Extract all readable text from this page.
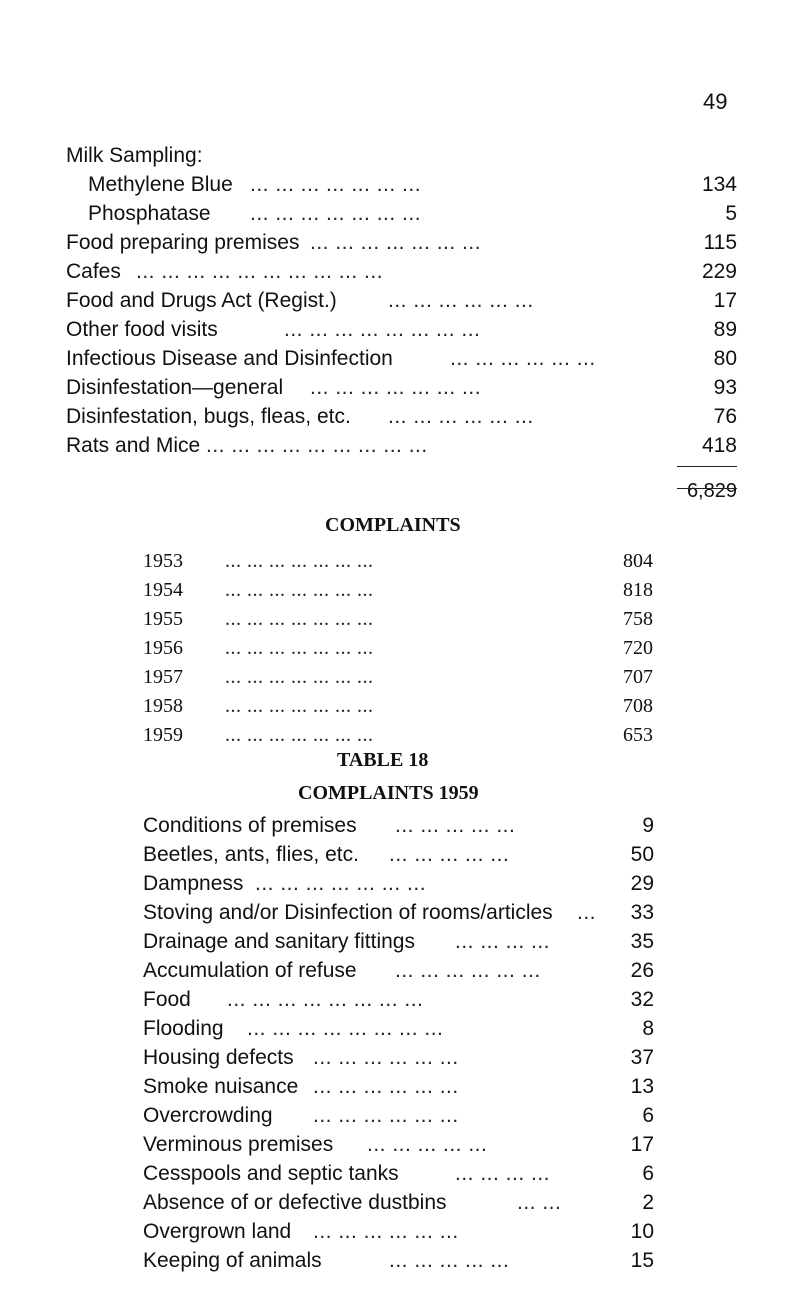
49
Milk Sampling:
Methylene Blue ... ... ... ... ... ... ...	134
Phosphatase ... ... ... ... ... ... ...	5
Food preparing premises ... ... ... ... ... ... ...	115
Cafes ... ... ... ... ... ... ... ... ... ...	229
Food and Drugs Act (Regist.) ... ... ... ... ... ...	17
Other food visits	... ... ... ... ... ... ... ...	89
Infectious Disease and Disinfection	... ... ... ... ... ...	80
Disinfestation—general ... ... ... ... ... ... ...	93
Disinfestation, bugs, fleas, etc. ... ... ... ... ... ...	76
Rats and Mice ... ... ... ... ... ... ... ... ...	418
6,829
COMPLAINTS
1953 ... ... ... ... ... ... ...	804
1954 ... ... ... ... ... ... ...	818
1955 ... ... ... ... ... ... ...	758
1956 ... ... ... ... ... ... ...	720
1957 ... ... ... ... ... ... ...	707
1958 ... ... ... ... ... ... ...	708
1959 ... ... ... ... ... ... ...	653
TABLE 18
COMPLAINTS 1959
Conditions of premises ... ... ... ... ...	9
Beetles, ants, flies, etc. ... ... ... ... ...	50
Dampness ... ... ... ... ... ... ...	29
Stoving and/or Disinfection of rooms/articles ...	33
Drainage and sanitary fittings ... ... ... ...	35
Accumulation of refuse ... ... ... ... ... ...	26
Food ... ... ... ... ... ... ... ...	32
Flooding ... ... ... ... ... ... ... ...	8
Housing defects ... ... ... ... ... ...	37
Smoke nuisance ... ... ... ... ... ...	13
Overcrowding ... ... ... ... ... ...	6
Verminous premises ... ... ... ... ...	17
Cesspools and septic tanks	... ... ... ...	6
Absence of or defective dustbins	... ...	2
Overgrown land ... ... ... ... ... ...	10
Keeping of animals	... ... ... ... ...	15
